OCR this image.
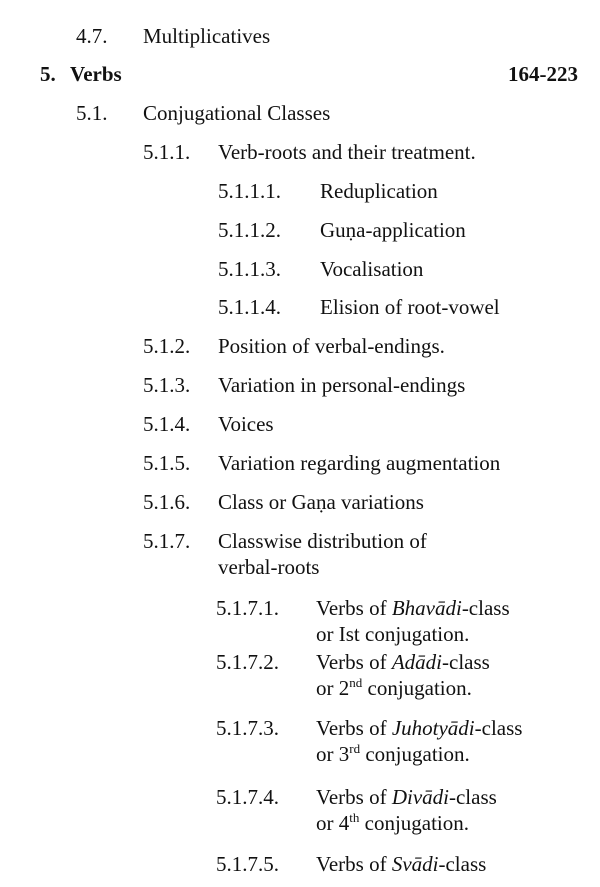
4.7. Multiplicatives
5. Verbs	164-223
5.1. Conjugational Classes
5.1.1. Verb-roots and their treatment.
5.1.1.1. Reduplication
5.1.1.2. Guṇa-application
5.1.1.3. Vocalisation
5.1.1.4. Elision of root-vowel
5.1.2. Position of verbal-endings.
5.1.3. Variation in personal-endings
5.1.4. Voices
5.1.5. Variation regarding augmentation
5.1.6. Class or Gaṇa variations
5.1.7. Classwise distribution of
verbal-roots
5.1.7.1. Verbs of Bhavādi-class
or Ist conjugation.
5.1.7.2. Verbs of Adādi-class
or 2nd conjugation.
5.1.7.3. Verbs of Juhotyādi-class
or 3rd conjugation.
5.1.7.4. Verbs of Divādi-class
or 4th conjugation.
5.1.7.5. Verbs of Svādi-class
